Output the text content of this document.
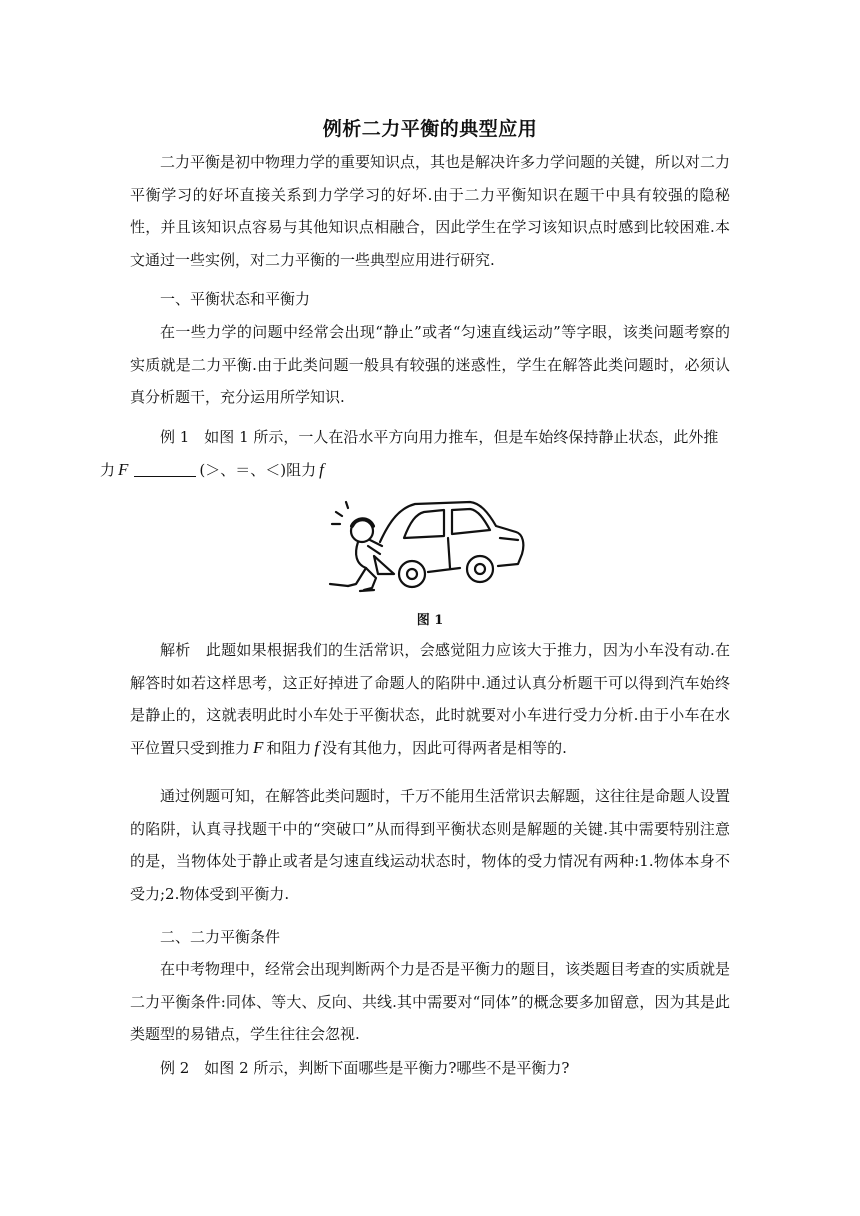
例析二力平衡的典型应用

二力平衡是初中物理力学的重要知识点，其也是解决许多力学问题的关键，所以对二力平衡学习的好坏直接关系到力学学习的好坏.由于二力平衡知识在题干中具有较强的隐秘性，并且该知识点容易与其他知识点相融合，因此学生在学习该知识点时感到比较困难.本文通过一些实例，对二力平衡的一些典型应用进行研究.

一、平衡状态和平衡力

在一些力学的问题中经常会出现“静止”或者“匀速直线运动”等字眼，该类问题考察的实质就是二力平衡.由于此类问题一般具有较强的迷惑性，学生在解答此类问题时，必须认真分析题干，充分运用所学知识.

例 1　如图 1 所示，一人在沿水平方向用力推车，但是车始终保持静止状态，此外推
力 F	(＞、＝、＜)阻力 f

图 1

解析　此题如果根据我们的生活常识，会感觉阻力应该大于推力，因为小车没有动.在解答时如若这样思考，这正好掉进了命题人的陷阱中.通过认真分析题干可以得到汽车始终是静止的，这就表明此时小车处于平衡状态，此时就要对小车进行受力分析.由于小车在水平位置只受到推力 F 和阻力 f 没有其他力，因此可得两者是相等的.

通过例题可知，在解答此类问题时，千万不能用生活常识去解题，这往往是命题人设置的陷阱，认真寻找题干中的“突破口”从而得到平衡状态则是解题的关键.其中需要特别注意的是，当物体处于静止或者是匀速直线运动状态时，物体的受力情况有两种:1.物体本身不受力;2.物体受到平衡力.

二、二力平衡条件

在中考物理中，经常会出现判断两个力是否是平衡力的题目，该类题目考查的实质就是二力平衡条件:同体、等大、反向、共线.其中需要对“同体”的概念要多加留意，因为其是此类题型的易错点，学生往往会忽视.

例 2　如图 2 所示，判断下面哪些是平衡力?哪些不是平衡力?
